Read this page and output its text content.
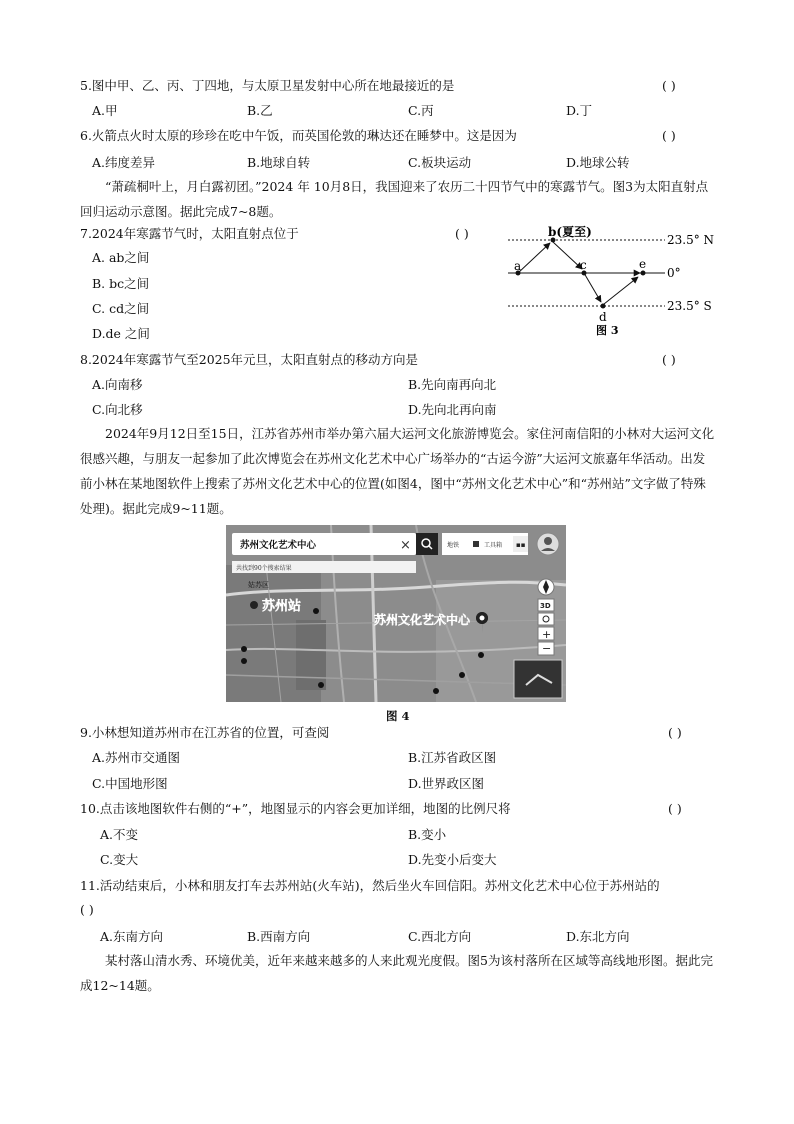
5.图中甲、乙、丙、丁四地，与太原卫星发射中心所在地最接近的是	( )
A.甲	B.乙	C.丙	D.丁
6.火箭点火时太原的珍珍在吃中午饭，而英国伦敦的琳达还在睡梦中。这是因为	( )
A.纬度差异	B.地球自转	C.板块运动	D.地球公转
“萧疏桐叶上，月白露初团。”2024 年 10月8日，我国迎来了农历二十四节气中的寒露节气。图3为太阳直射点回归运动示意图。据此完成7~8题。
7.2024年寒露节气时，太阳直射点位于	( )
A. ab之间
B. bc之间
C. cd之间
D.de 之间
a
b(夏至)
c
d
e
23.5° N
0°
23.5° S
图 3
8.2024年寒露节气至2025年元旦，太阳直射点的移动方向是	( )
A.向南移	B.先向南再向北
C.向北移	D.先向北再向南
2024年9月12日至15日，江苏省苏州市举办第六届大运河文化旅游博览会。家住河南信阳的小林对大运河文化很感兴趣，与朋友一起参加了此次博览会在苏州文化艺术中心广场举办的“古运今游”大运河文旅嘉年华活动。出发前小林在某地图软件上搜索了苏州文化艺术中心的位置(如图4，图中“苏州文化艺术中心”和“苏州站”文字做了特殊处理)。据此完成9~11题。
苏州文化艺术中心	×
共找到90个搜索结果
地铁	工具箱 ▪▪
3D
+
−
姑苏区
苏州站
苏州文化艺术中心
图 4
9.小林想知道苏州市在江苏省的位置，可查阅	( )
A.苏州市交通图	B.江苏省政区图
C.中国地形图	D.世界政区图
10.点击该地图软件右侧的“+”，地图显示的内容会更加详细，地图的比例尺将	( )
A.不变	B.变小
C.变大	D.先变小后变大
11.活动结束后，小林和朋友打车去苏州站(火车站)，然后坐火车回信阳。苏州文化艺术中心位于苏州站的
( )
A.东南方向	B.西南方向	C.西北方向	D.东北方向
某村落山清水秀、环境优美，近年来越来越多的人来此观光度假。图5为该村落所在区域等高线地形图。据此完成12~14题。
